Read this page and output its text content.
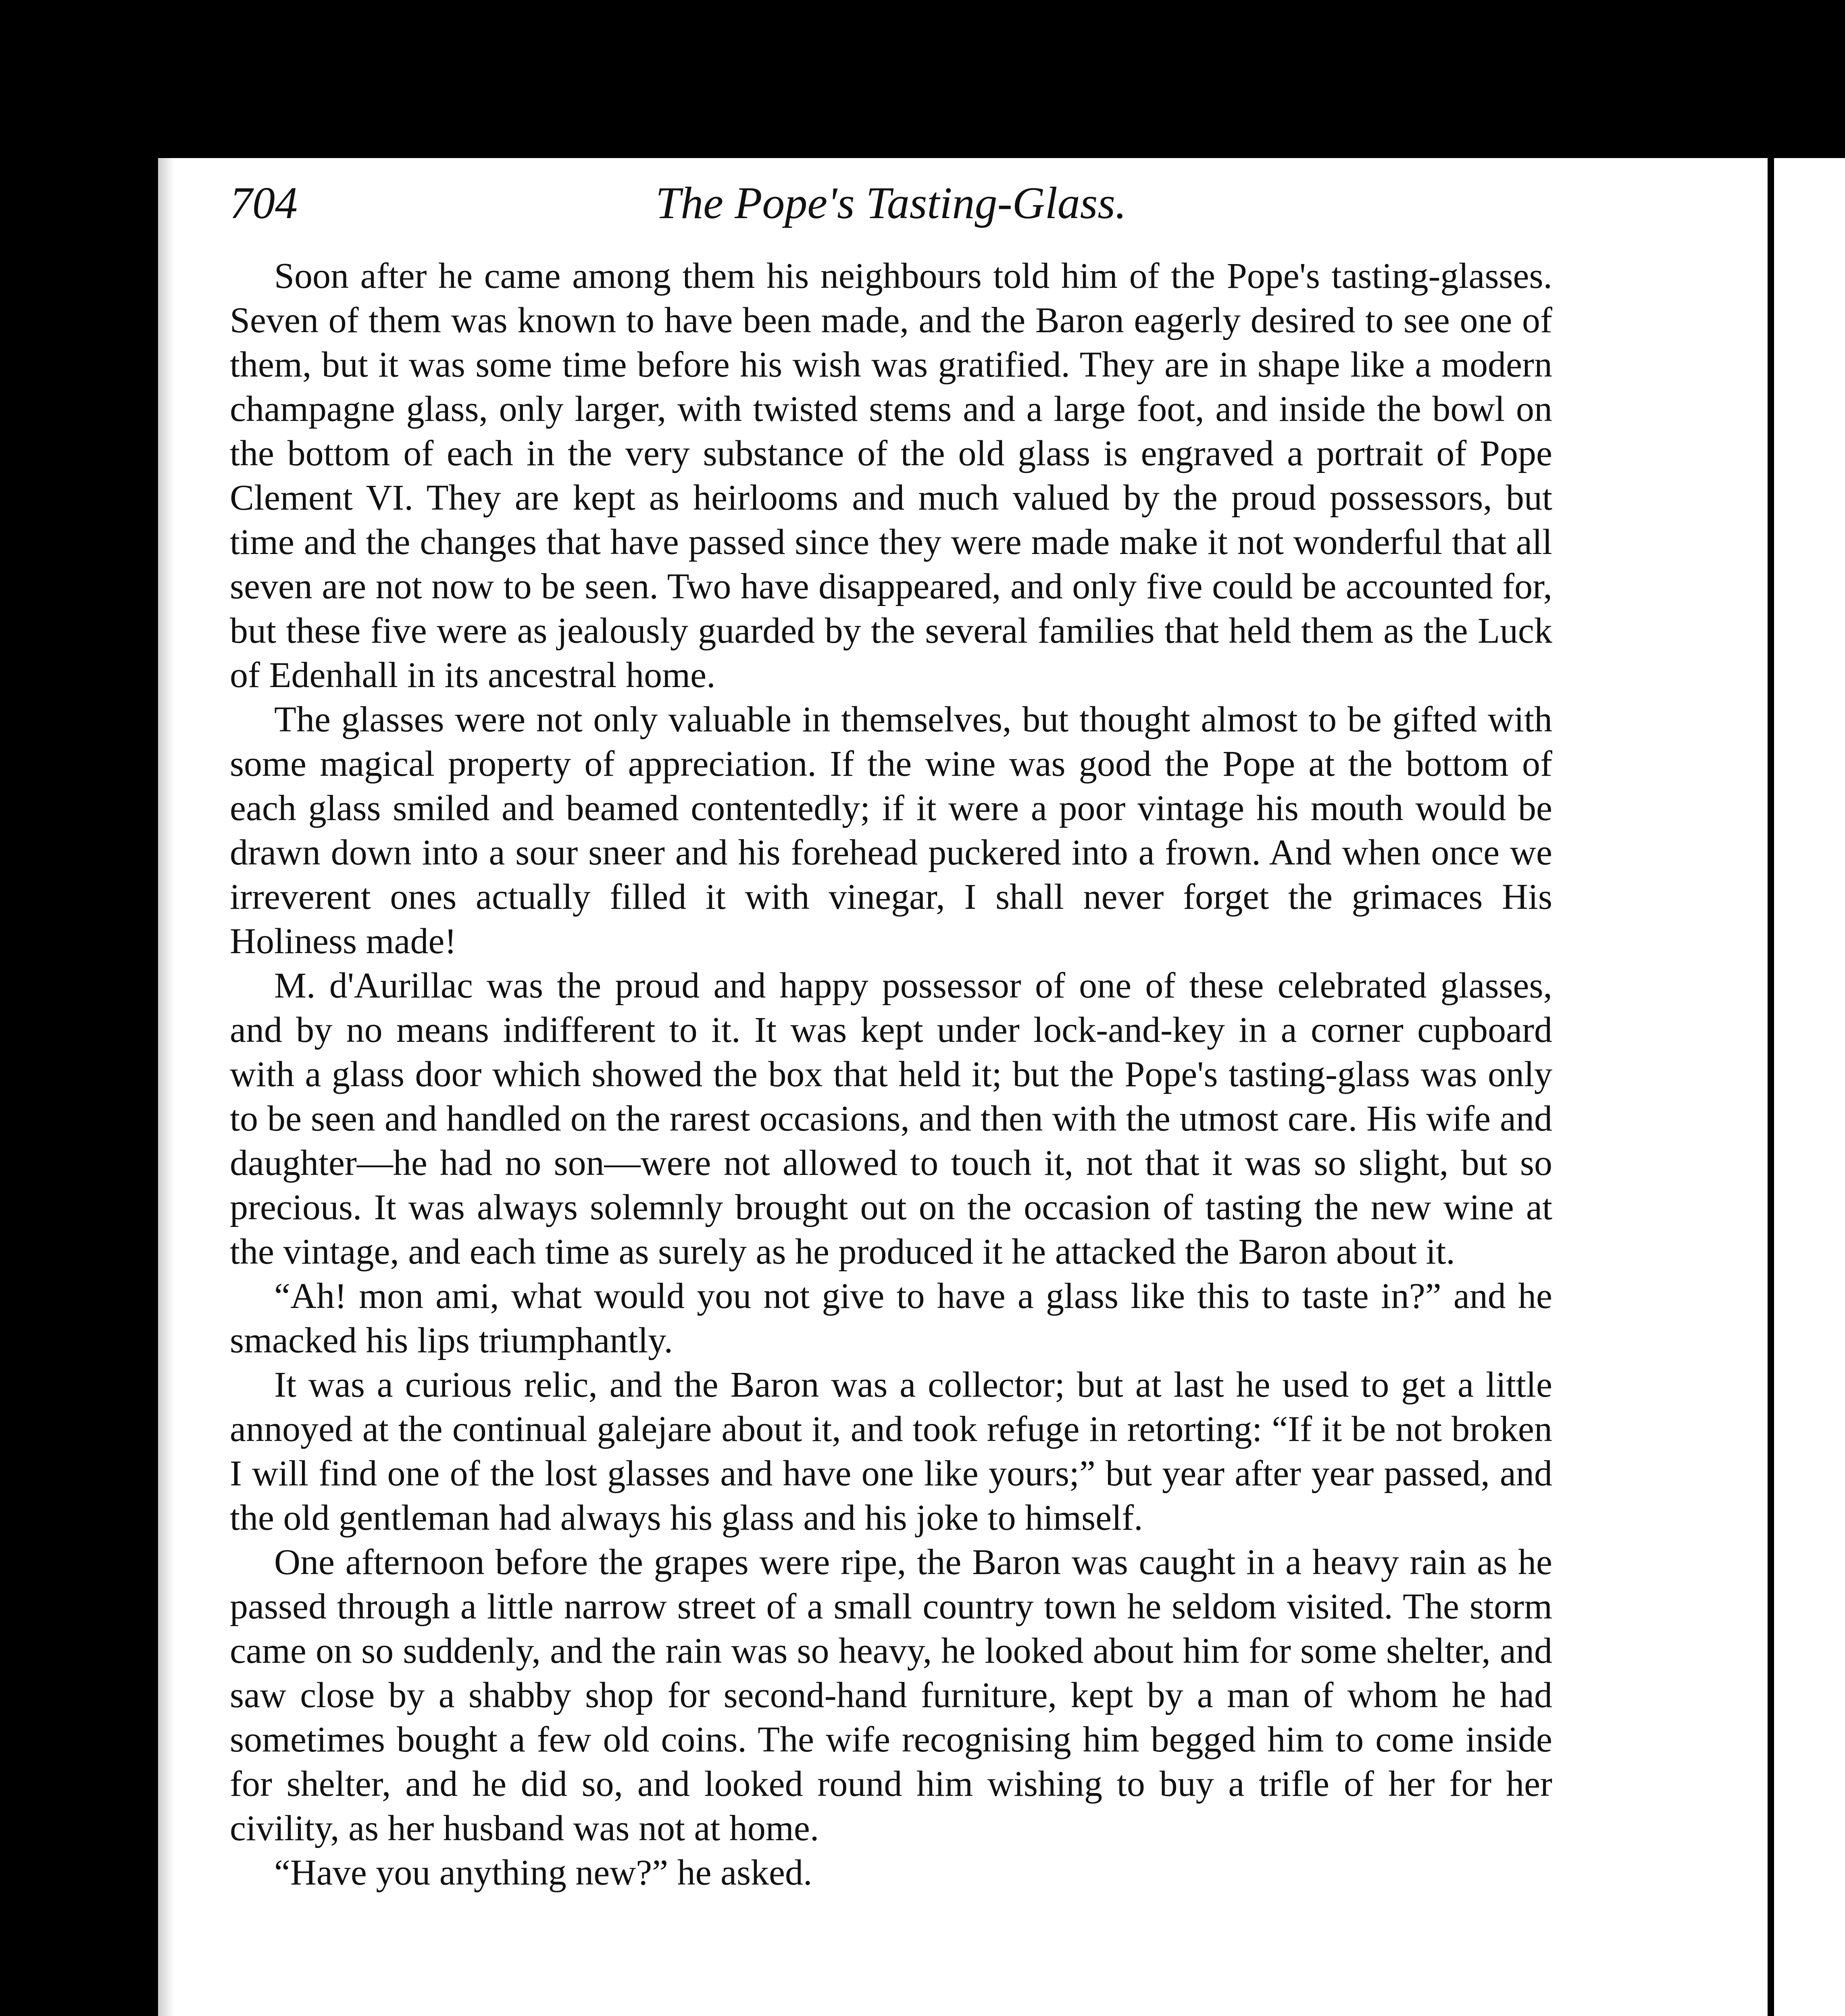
704	The Pope's Tasting-Glass.

Soon after he came among them his neighbours told him of the Pope's tasting-glasses. Seven of them was known to have been made, and the Baron eagerly desired to see one of them, but it was some time before his wish was gratified. They are in shape like a modern champagne glass, only larger, with twisted stems and a large foot, and inside the bowl on the bottom of each in the very substance of the old glass is engraved a portrait of Pope Clement VI. They are kept as heirlooms and much valued by the proud possessors, but time and the changes that have passed since they were made make it not wonderful that all seven are not now to be seen. Two have disappeared, and only five could be accounted for, but these five were as jealously guarded by the several families that held them as the Luck of Edenhall in its ancestral home.

The glasses were not only valuable in themselves, but thought almost to be gifted with some magical property of appreciation. If the wine was good the Pope at the bottom of each glass smiled and beamed contentedly; if it were a poor vintage his mouth would be drawn down into a sour sneer and his forehead puckered into a frown. And when once we irreverent ones actually filled it with vinegar, I shall never forget the grimaces His Holiness made!

M. d'Aurillac was the proud and happy possessor of one of these celebrated glasses, and by no means indifferent to it. It was kept under lock-and-key in a corner cupboard with a glass door which showed the box that held it; but the Pope's tasting-glass was only to be seen and handled on the rarest occasions, and then with the utmost care. His wife and daughter—he had no son—were not allowed to touch it, not that it was so slight, but so precious. It was always solemnly brought out on the occasion of tasting the new wine at the vintage, and each time as surely as he produced it he attacked the Baron about it.

“Ah! mon ami, what would you not give to have a glass like this to taste in?” and he smacked his lips triumphantly.

It was a curious relic, and the Baron was a collector; but at last he used to get a little annoyed at the continual galejare about it, and took refuge in retorting: “If it be not broken I will find one of the lost glasses and have one like yours;” but year after year passed, and the old gentleman had always his glass and his joke to himself.

One afternoon before the grapes were ripe, the Baron was caught in a heavy rain as he passed through a little narrow street of a small country town he seldom visited. The storm came on so suddenly, and the rain was so heavy, he looked about him for some shelter, and saw close by a shabby shop for second-hand furniture, kept by a man of whom he had sometimes bought a few old coins. The wife recognising him begged him to come inside for shelter, and he did so, and looked round him wishing to buy a trifle of her for her civility, as her husband was not at home.

“Have you anything new?” he asked.
